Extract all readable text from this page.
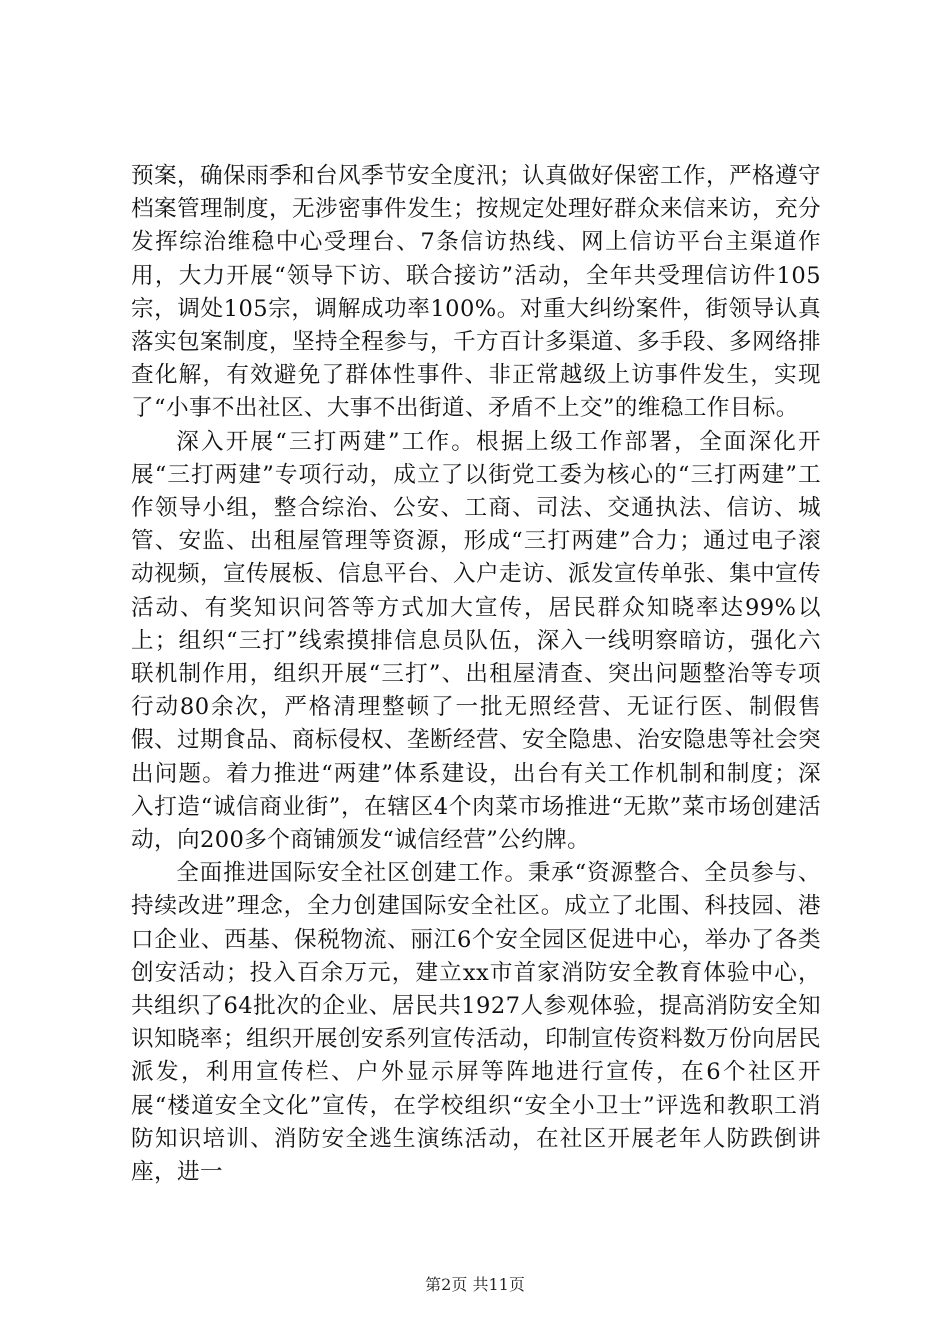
预案，确保雨季和台风季节安全度汛；认真做好保密工作，严格遵守档案管理制度，无涉密事件发生；按规定处理好群众来信来访，充分发挥综治维稳中心受理台、7条信访热线、网上信访平台主渠道作用，大力开展“领导下访、联合接访”活动，全年共受理信访件105宗，调处105宗，调解成功率100%。对重大纠纷案件，街领导认真落实包案制度，坚持全程参与，千方百计多渠道、多手段、多网络排查化解，有效避免了群体性事件、非正常越级上访事件发生，实现了“小事不出社区、大事不出街道、矛盾不上交”的维稳工作目标。

深入开展“三打两建”工作。根据上级工作部署，全面深化开展“三打两建”专项行动，成立了以街党工委为核心的“三打两建”工作领导小组，整合综治、公安、工商、司法、交通执法、信访、城管、安监、出租屋管理等资源，形成“三打两建”合力；通过电子滚动视频，宣传展板、信息平台、入户走访、派发宣传单张、集中宣传活动、有奖知识问答等方式加大宣传，居民群众知晓率达99%以上；组织“三打”线索摸排信息员队伍，深入一线明察暗访，强化六联机制作用，组织开展“三打”、出租屋清查、突出问题整治等专项行动80余次，严格清理整顿了一批无照经营、无证行医、制假售假、过期食品、商标侵权、垄断经营、安全隐患、治安隐患等社会突出问题。着力推进“两建”体系建设，出台有关工作机制和制度；深入打造“诚信商业街”，在辖区4个肉菜市场推进“无欺”菜市场创建活动，向200多个商铺颁发“诚信经营”公约牌。

全面推进国际安全社区创建工作。秉承“资源整合、全员参与、持续改进”理念，全力创建国际安全社区。成立了北围、科技园、港口企业、西基、保税物流、丽江6个安全园区促进中心，举办了各类创安活动；投入百余万元，建立xx市首家消防安全教育体验中心，共组织了64批次的企业、居民共1927人参观体验，提高消防安全知识知晓率；组织开展创安系列宣传活动，印制宣传资料数万份向居民派发，利用宣传栏、户外显示屏等阵地进行宣传，在6个社区开展“楼道安全文化”宣传，在学校组织“安全小卫士”评选和教职工消防知识培训、消防安全逃生演练活动，在社区开展老年人防跌倒讲座，进一

第2页 共11页
